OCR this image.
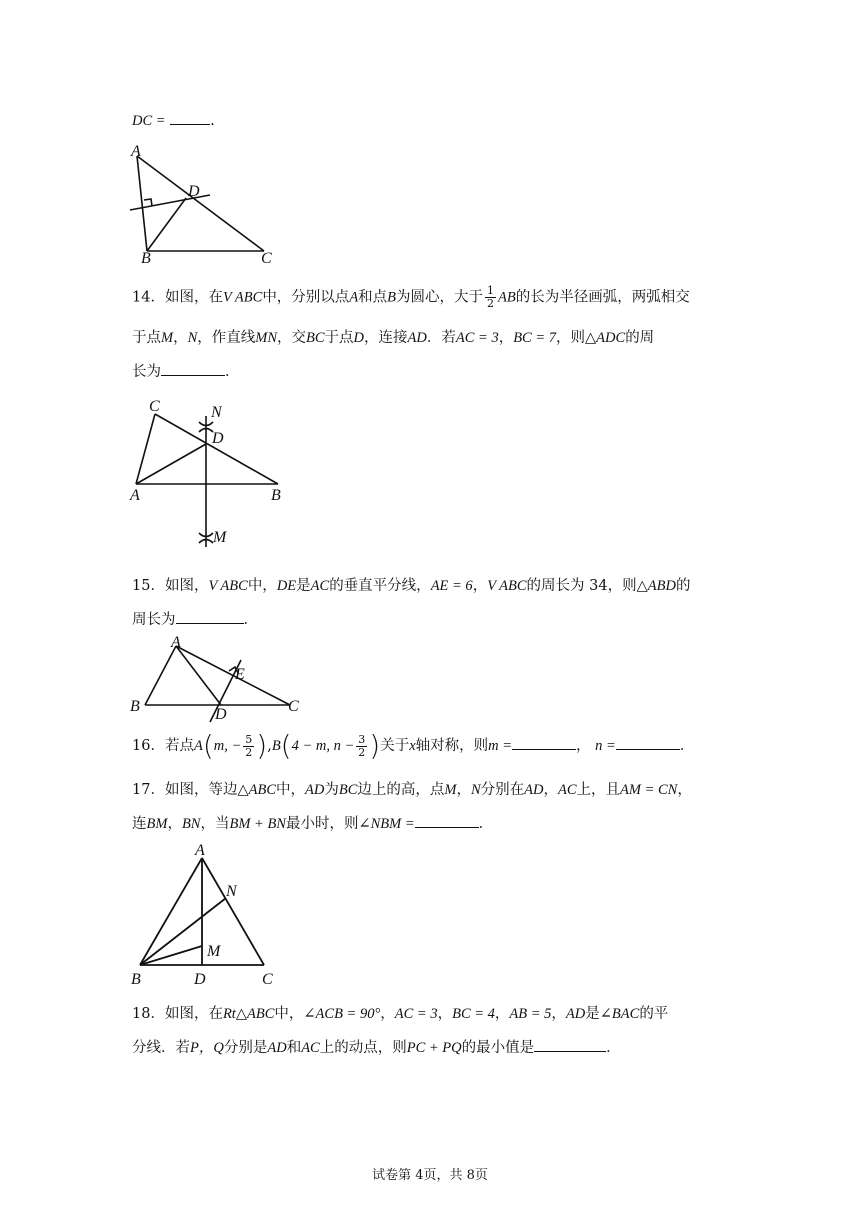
DC =	.
A
D
B	C
14．如图，在V ABC中，分别以点A和点B为圆心，大于 $\frac{1}{2}$ AB的长为半径画弧，两弧相交
于点M，N，作直线MN，交BC于点D，连接AD．若AC = 3，BC = 7，则△ADC的周
长为	．
C	N
D
A	B
M
15．如图，V ABC中，DE是AC的垂直平分线，AE = 6，V ABC的周长为 34，则△ABD的
周长为	．
A
E
B	D	C
16．若点A(m, − $\frac{5}{2} ),B(4 - m$, $n - \frac{3}{2}$ )关于x轴对称，则m =	， n =	．
17．如图，等边△ABC中，AD为BC边上的高，点M，N分别在AD，AC上，且AM = CN，
连BM，BN，当BM + BN最小时，则∠NBM =	．
A
N
M
B	D	C
18．如图，在Rt△ABC中，∠ACB = 90°，AC = 3，BC = 4，AB = 5，AD是∠BAC的平
分线．若P，Q分别是AD和AC上的动点，则PC + PQ的最小值是	．
试卷第 4页，共 8页
